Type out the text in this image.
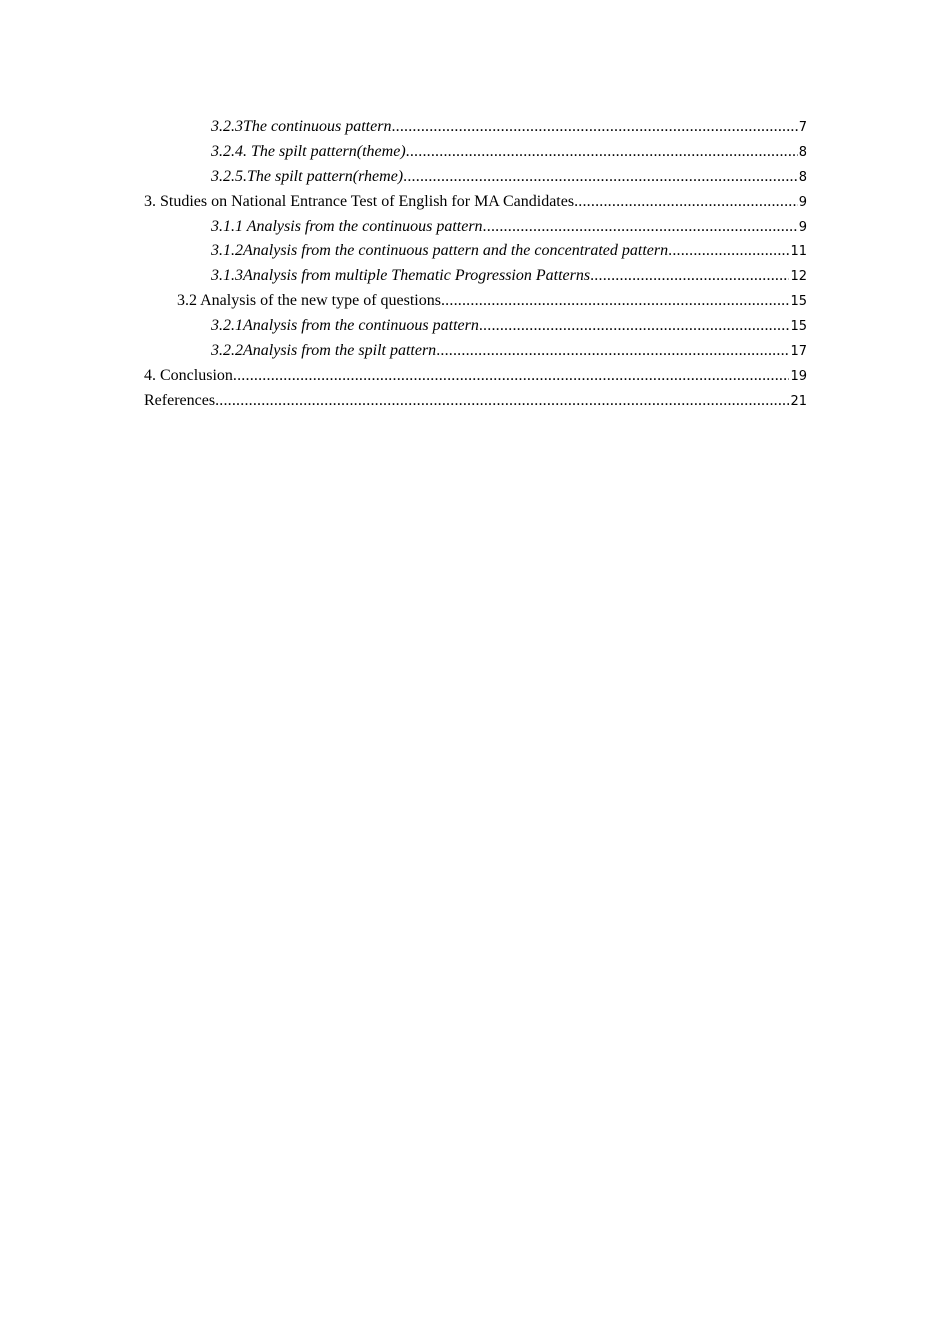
3.2.3The continuous pattern .....	7
3.2.4. The spilt pattern(theme) .....	8
3.2.5.The spilt pattern(rheme) .....	8
3. Studies on National Entrance Test of English for MA Candidates .....	9
3.1.1 Analysis from the continuous pattern .....	9
3.1.2Analysis from the continuous pattern and the concentrated pattern .....	11
3.1.3Analysis from multiple Thematic Progression Patterns .....	12
3.2 Analysis of the new type of questions .....	15
3.2.1Analysis from the continuous pattern .....	15
3.2.2Analysis from the spilt pattern .....	17
4. Conclusion .....	19
References .....	21
